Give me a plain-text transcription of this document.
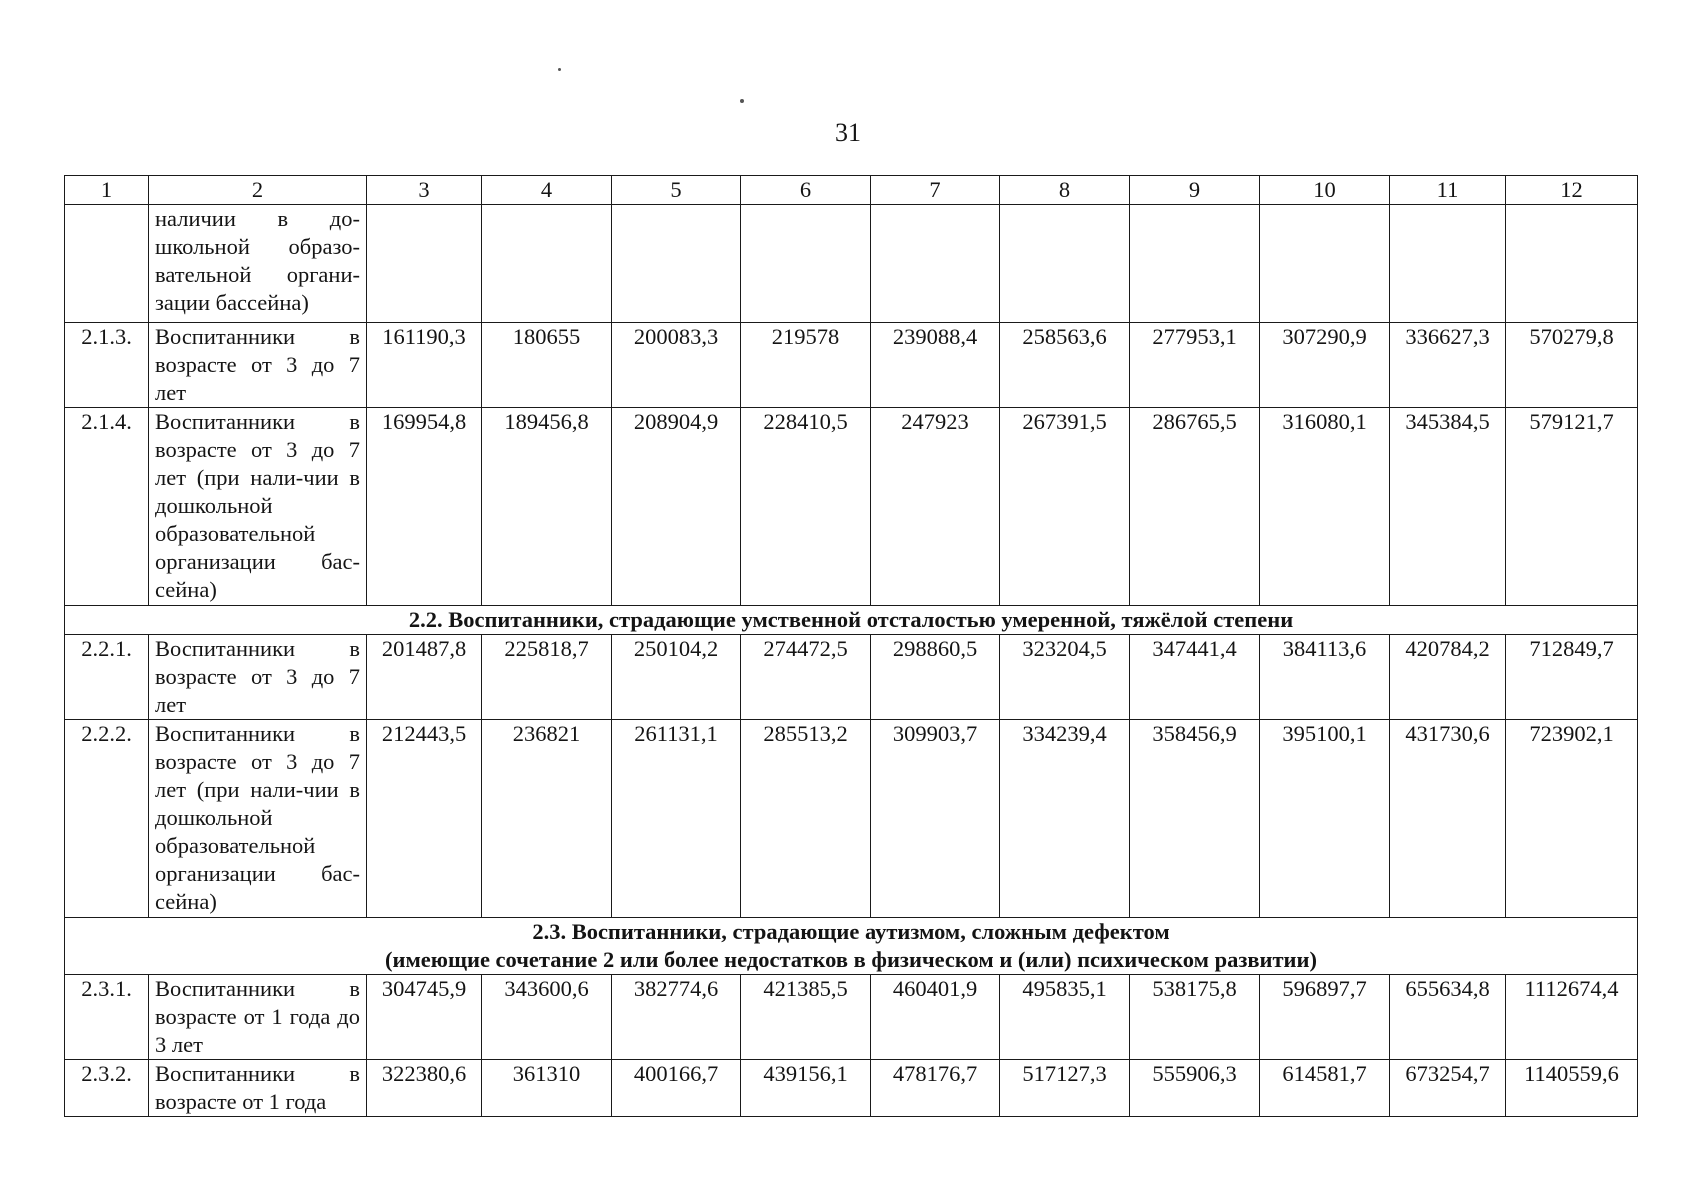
31
1	2	3	4	5	6	7	8	9	10	11	12
	наличии в до-школьной образо-вательной органи-зации бассейна)										
2.1.3.	Воспитанники в возрасте от 3 до 7 лет	161190,3	180655	200083,3	219578	239088,4	258563,6	277953,1	307290,9	336627,3	570279,8
2.1.4.	Воспитанники в возрасте от 3 до 7 лет (при нали-чии в дошкольной образовательной организации бас-сейна)	169954,8	189456,8	208904,9	228410,5	247923	267391,5	286765,5	316080,1	345384,5	579121,7
2.2. Воспитанники, страдающие умственной отсталостью умеренной, тяжёлой степени											
2.2.1.	Воспитанники в возрасте от 3 до 7 лет	201487,8	225818,7	250104,2	274472,5	298860,5	323204,5	347441,4	384113,6	420784,2	712849,7
2.2.2.	Воспитанники в возрасте от 3 до 7 лет (при нали-чии в дошкольной образовательной организации бас-сейна)	212443,5	236821	261131,1	285513,2	309903,7	334239,4	358456,9	395100,1	431730,6	723902,1

2.3. Воспитанники, страдающие аутизмом, сложным дефектом
(имеющие сочетание 2 или более недостатков в физическом и (или) психическом развитии)											

2.3.1.	Воспитанники в возрасте от 1 года до 3 лет	304745,9	343600,6	382774,6	421385,5	460401,9	495835,1	538175,8	596897,7	655634,8	1112674,4
2.3.2.	Воспитанники в возрасте от 1 года	322380,6	361310	400166,7	439156,1	478176,7	517127,3	555906,3	614581,7	673254,7	1140559,6
